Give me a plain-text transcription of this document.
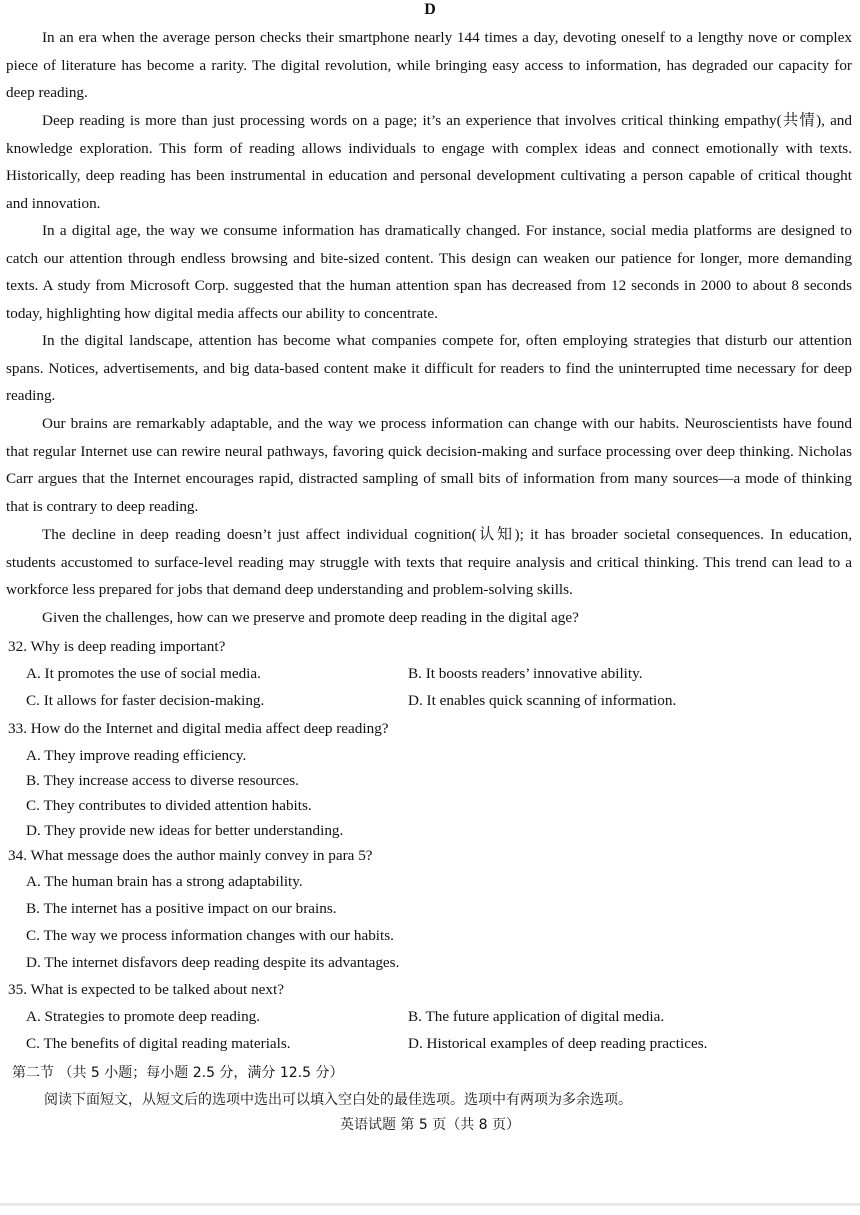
D

In an era when the average person checks their smartphone nearly 144 times a day, devoting oneself to a lengthy nove or complex piece of literature has become a rarity. The digital revolution, while bringing easy access to information, has degraded our capacity for deep reading.

Deep reading is more than just processing words on a page; it’s an experience that involves critical thinking empathy(共情), and knowledge exploration. This form of reading allows individuals to engage with complex ideas and connect emotionally with texts. Historically, deep reading has been instrumental in education and personal development cultivating a person capable of critical thought and innovation.

In a digital age, the way we consume information has dramatically changed. For instance, social media platforms are designed to catch our attention through endless browsing and bite-sized content. This design can weaken our patience for longer, more demanding texts. A study from Microsoft Corp. suggested that the human attention span has decreased from 12 seconds in 2000 to about 8 seconds today, highlighting how digital media affects our ability to concentrate.

In the digital landscape, attention has become what companies compete for, often employing strategies that disturb our attention spans. Notices, advertisements, and big data-based content make it difficult for readers to find the uninterrupted time necessary for deep reading.

Our brains are remarkably adaptable, and the way we process information can change with our habits. Neuroscientists have found that regular Internet use can rewire neural pathways, favoring quick decision-making and surface processing over deep thinking. Nicholas Carr argues that the Internet encourages rapid, distracted sampling of small bits of information from many sources—a mode of thinking that is contrary to deep reading.

The decline in deep reading doesn’t just affect individual cognition(认知); it has broader societal consequences. In education, students accustomed to surface-level reading may struggle with texts that require analysis and critical thinking. This trend can lead to a workforce less prepared for jobs that demand deep understanding and problem-solving skills.

Given the challenges, how can we preserve and promote deep reading in the digital age?

32. Why is deep reading important?

A. It promotes the use of social media.	B. It boosts readers’ innovative ability.

C. It allows for faster decision-making.	D. It enables quick scanning of information.

33. How do the Internet and digital media affect deep reading?

A. They improve reading efficiency.

B. They increase access to diverse resources.

C. They contributes to divided attention habits.

D. They provide new ideas for better understanding.

34. What message does the author mainly convey in para 5?

A. The human brain has a strong adaptability.

B. The internet has a positive impact on our brains.

C. The way we process information changes with our habits.

D. The internet disfavors deep reading despite its advantages.

35. What is expected to be talked about next?

A. Strategies to promote deep reading.	B. The future application of digital media.

C. The benefits of digital reading materials.	D. Historical examples of deep reading practices.

第二节 （共 5 小题；每小题 2.5 分，满分 12.5 分）

阅读下面短文，从短文后的选项中选出可以填入空白处的最佳选项。选项中有两项为多余选项。

英语试题 第 5 页（共 8 页）
